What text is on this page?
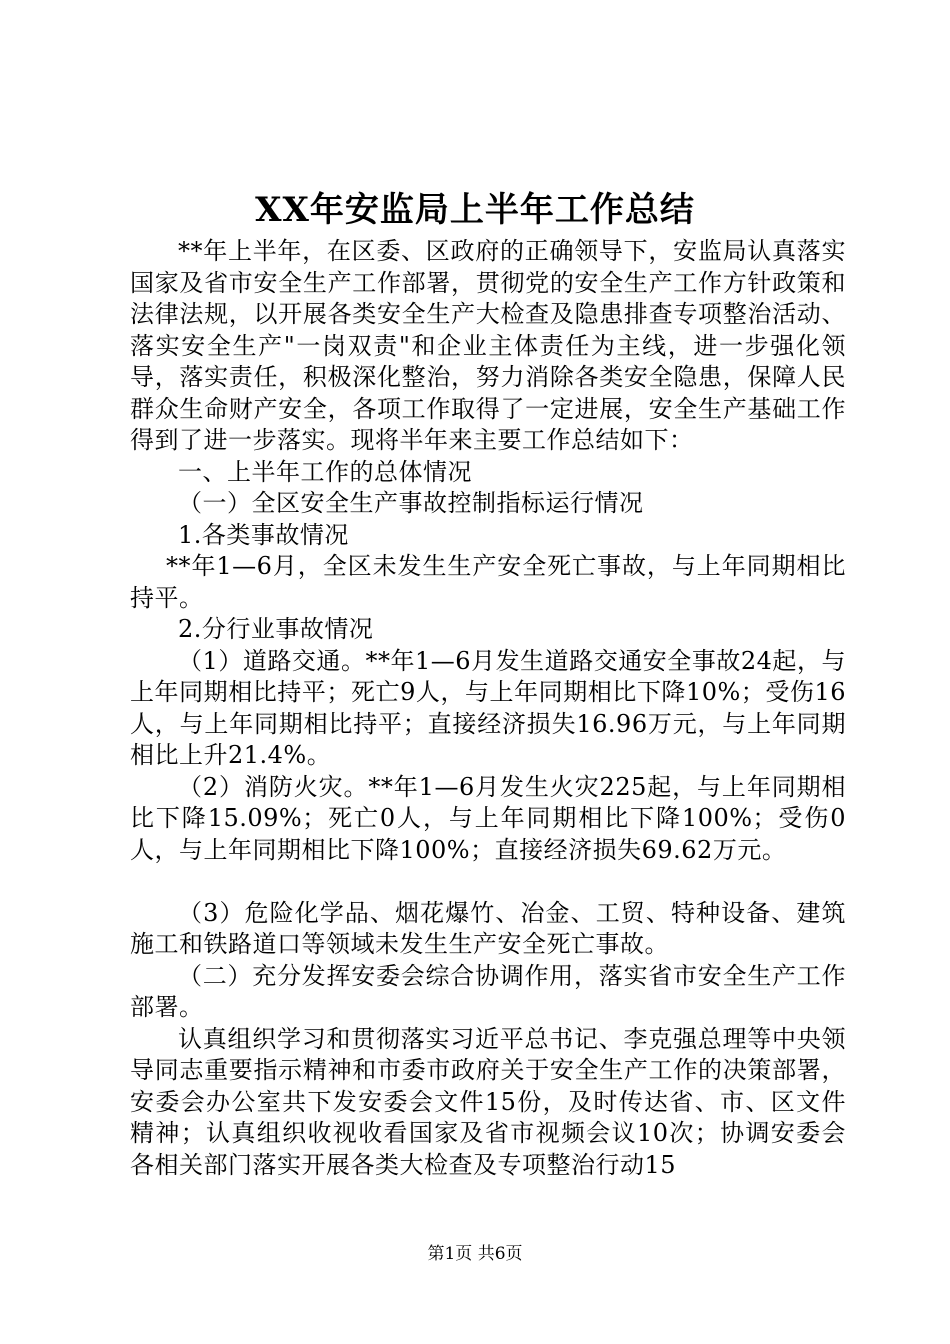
XX年安监局上半年工作总结

**年上半年，在区委、区政府的正确领导下，安监局认真落实国家及省市安全生产工作部署，贯彻党的安全生产工作方针政策和法律法规，以开展各类安全生产大检查及隐患排查专项整治活动、落实安全生产"一岗双责"和企业主体责任为主线，进一步强化领导，落实责任，积极深化整治，努力消除各类安全隐患，保障人民群众生命财产安全，各项工作取得了一定进展，安全生产基础工作得到了进一步落实。现将半年来主要工作总结如下：

一、上半年工作的总体情况

（一）全区安全生产事故控制指标运行情况

1.各类事故情况

**年1—6月，全区未发生生产安全死亡事故，与上年同期相比持平。

2.分行业事故情况

（1）道路交通。**年1—6月发生道路交通安全事故24起，与上年同期相比持平；死亡9人，与上年同期相比下降10%；受伤16人，与上年同期相比持平；直接经济损失16.96万元，与上年同期相比上升21.4%。

（2）消防火灾。**年1—6月发生火灾225起，与上年同期相比下降15.09%；死亡0人，与上年同期相比下降100%；受伤0人，与上年同期相比下降100%；直接经济损失69.62万元。

（3）危险化学品、烟花爆竹、冶金、工贸、特种设备、建筑施工和铁路道口等领域未发生生产安全死亡事故。

（二）充分发挥安委会综合协调作用，落实省市安全生产工作部署。

认真组织学习和贯彻落实习近平总书记、李克强总理等中央领导同志重要指示精神和市委市政府关于安全生产工作的决策部署，安委会办公室共下发安委会文件15份，及时传达省、市、区文件精神；认真组织收视收看国家及省市视频会议10次；协调安委会各相关部门落实开展各类大检查及专项整治行动15

第1页 共6页
